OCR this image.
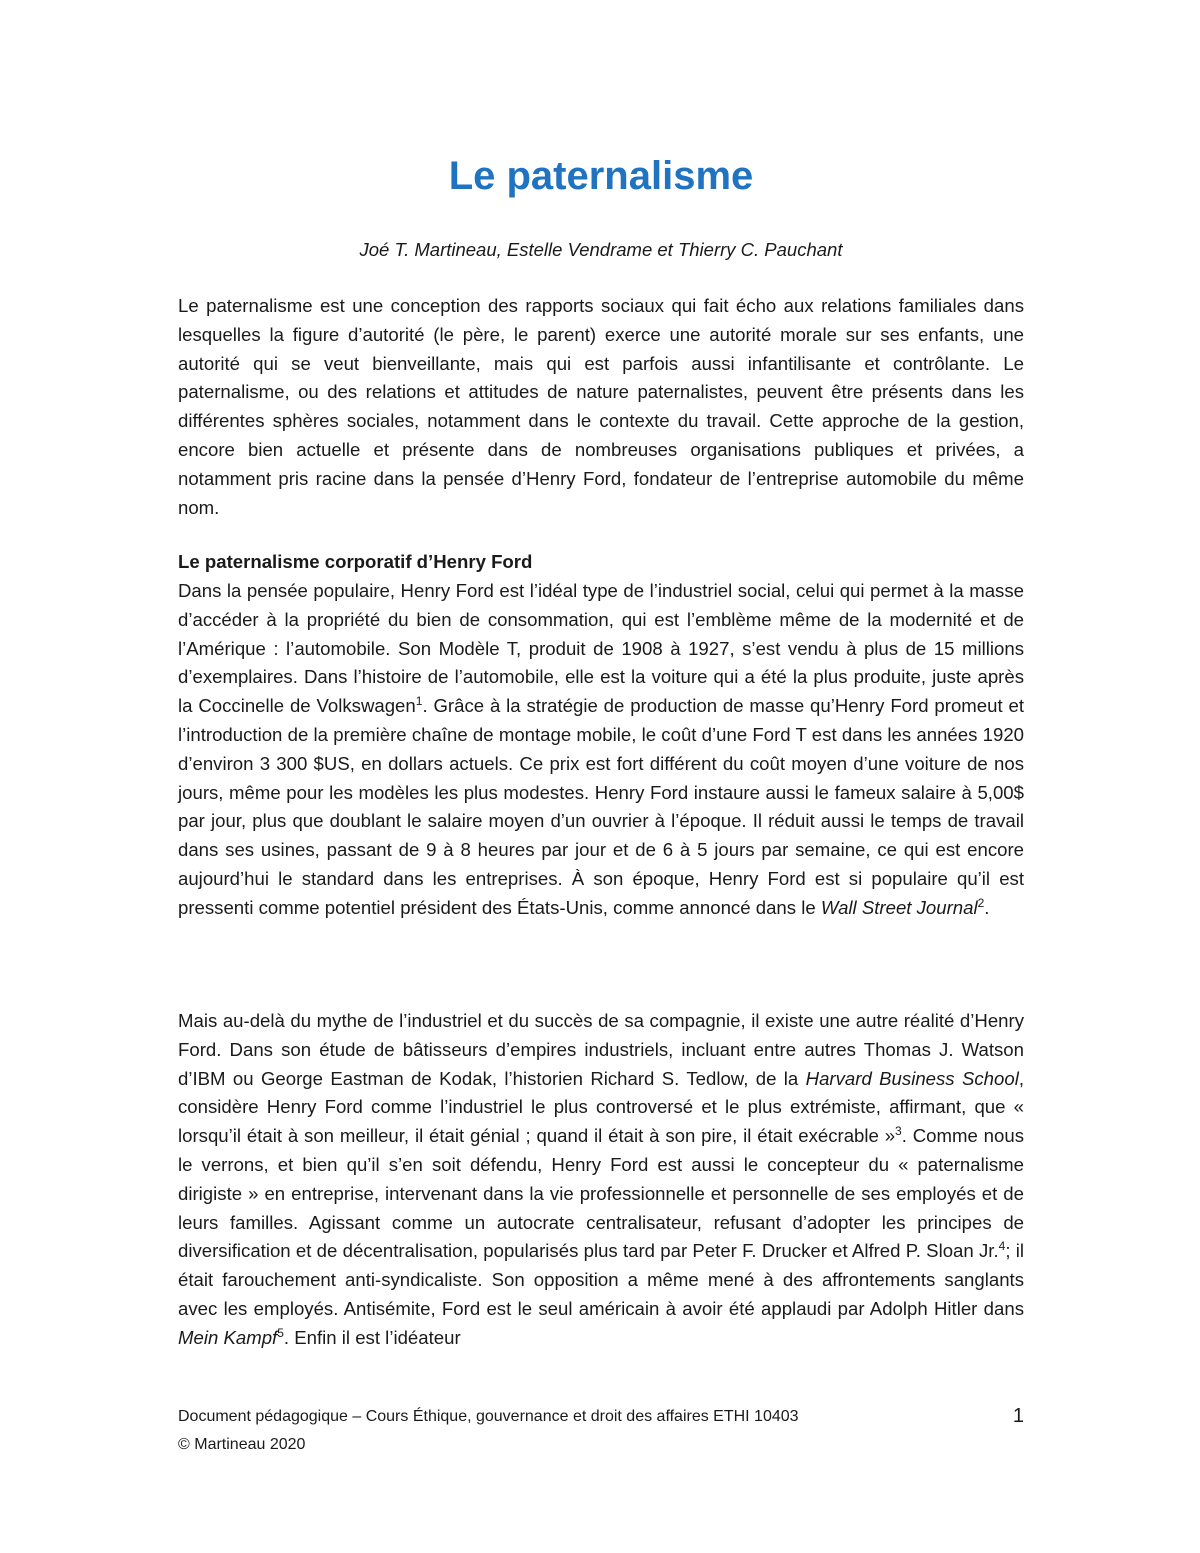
Le paternalisme
Joé T. Martineau, Estelle Vendrame et Thierry C. Pauchant

Le paternalisme est une conception des rapports sociaux qui fait écho aux relations familiales dans lesquelles la figure d’autorité (le père, le parent) exerce une autorité morale sur ses enfants, une autorité qui se veut bienveillante, mais qui est parfois aussi infantilisante et contrôlante. Le paternalisme, ou des relations et attitudes de nature paternalistes, peuvent être présents dans les différentes sphères sociales, notamment dans le contexte du travail. Cette approche de la gestion, encore bien actuelle et présente dans de nombreuses organisations publiques et privées, a notamment pris racine dans la pensée d’Henry Ford, fondateur de l’entreprise automobile du même nom.

Le paternalisme corporatif d’Henry Ford

Dans la pensée populaire, Henry Ford est l’idéal type de l’industriel social, celui qui permet à la masse d’accéder à la propriété du bien de consommation, qui est l’emblème même de la modernité et de l’Amérique : l’automobile. Son Modèle T, produit de 1908 à 1927, s’est vendu à plus de 15 millions d’exemplaires. Dans l’histoire de l’automobile, elle est la voiture qui a été la plus produite, juste après la Coccinelle de Volkswagen$^1$. Grâce à la stratégie de production de masse qu’Henry Ford promeut et l’introduction de la première chaîne de montage mobile, le coût d’une Ford T est dans les années 1920 d’environ 3 300 $US, en dollars actuels. Ce prix est fort différent du coût moyen d’une voiture de nos jours, même pour les modèles les plus modestes. Henry Ford instaure aussi le fameux salaire à 5,00$ par jour, plus que doublant le salaire moyen d’un ouvrier à l’époque. Il réduit aussi le temps de travail dans ses usines, passant de 9 à 8 heures par jour et de 6 à 5 jours par semaine, ce qui est encore aujourd’hui le standard dans les entreprises. À son époque, Henry Ford est si populaire qu’il est pressenti comme potentiel président des États-Unis, comme annoncé dans le Wall Street Journal$^2$.

Mais au-delà du mythe de l’industriel et du succès de sa compagnie, il existe une autre réalité d’Henry Ford. Dans son étude de bâtisseurs d’empires industriels, incluant entre autres Thomas J. Watson d’IBM ou George Eastman de Kodak, l’historien Richard S. Tedlow, de la Harvard Business School, considère Henry Ford comme l’industriel le plus controversé et le plus extrémiste, affirmant, que « lorsqu’il était à son meilleur, il était génial ; quand il était à son pire, il était exécrable »$^3$. Comme nous le verrons, et bien qu’il s’en soit défendu, Henry Ford est aussi le concepteur du « paternalisme dirigiste » en entreprise, intervenant dans la vie professionnelle et personnelle de ses employés et de leurs familles. Agissant comme un autocrate centralisateur, refusant d’adopter les principes de diversification et de décentralisation, popularisés plus tard par Peter F. Drucker et Alfred P. Sloan Jr.$^4$; il était farouchement anti-syndicaliste. Son opposition a même mené à des affrontements sanglants avec les employés. Antisémite, Ford est le seul américain à avoir été applaudi par Adolph Hitler dans Mein Kampf$^5$. Enfin il est l’idéateur

Document pédagogique – Cours Éthique, gouvernance et droit des affaires ETHI 10403
© Martineau 2020
1
